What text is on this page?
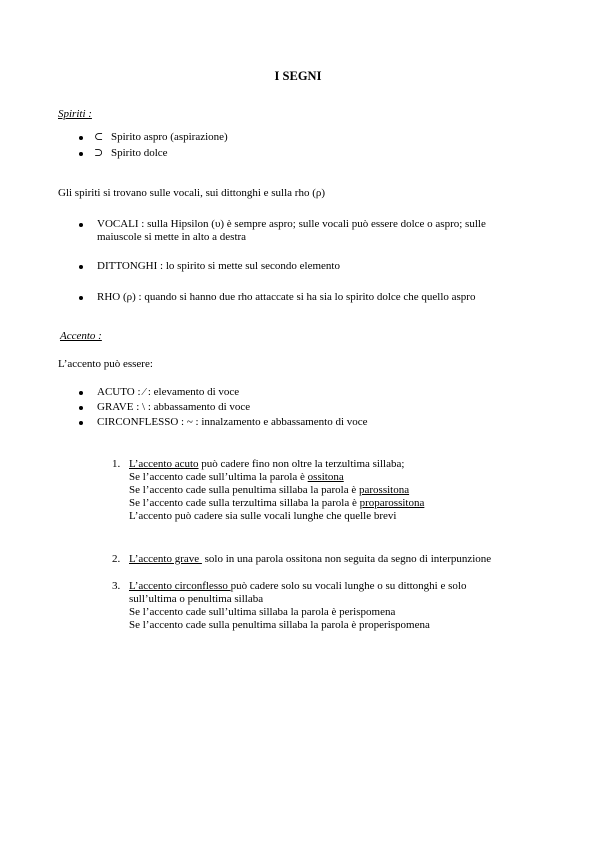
I SEGNI
Spiriti :
⊂ Spirito aspro (aspirazione)
⊃ Spirito dolce
Gli spiriti si trovano sulle vocali, sui dittonghi e sulla rho (ρ)
VOCALI : sulla Hipsilon (υ) è sempre aspro; sulle vocali può essere dolce o aspro; sulle
maiuscole si mette in alto a destra
DITTONGHI : lo spirito si mette sul secondo elemento
RHO (ρ) : quando si hanno due rho attaccate si ha sia lo spirito dolce che quello aspro
Accento :
L’accento può essere:
ACUTO : ⁄ : elevamento di voce
GRAVE : \ : abbassamento di voce
CIRCONFLESSO : ~ : innalzamento e abbassamento di voce
1. L’accento acuto può cadere fino non oltre la terzultima sillaba;
Se l’accento cade sull’ultima la parola è ossitona
Se l’accento cade sulla penultima sillaba la parola è parossitona
Se l’accento cade sulla terzultima sillaba la parola è proparossitona
L’accento può cadere sia sulle vocali lunghe che quelle brevi
2. L’accento grave  solo in una parola ossitona non seguita da segno di interpunzione
3. L’accento circonflesso può cadere solo su vocali lunghe o su dittonghi e solo
sull’ultima o penultima sillaba
Se l’accento cade sull’ultima sillaba la parola è perispomena
Se l’accento cade sulla penultima sillaba la parola è properispomena
